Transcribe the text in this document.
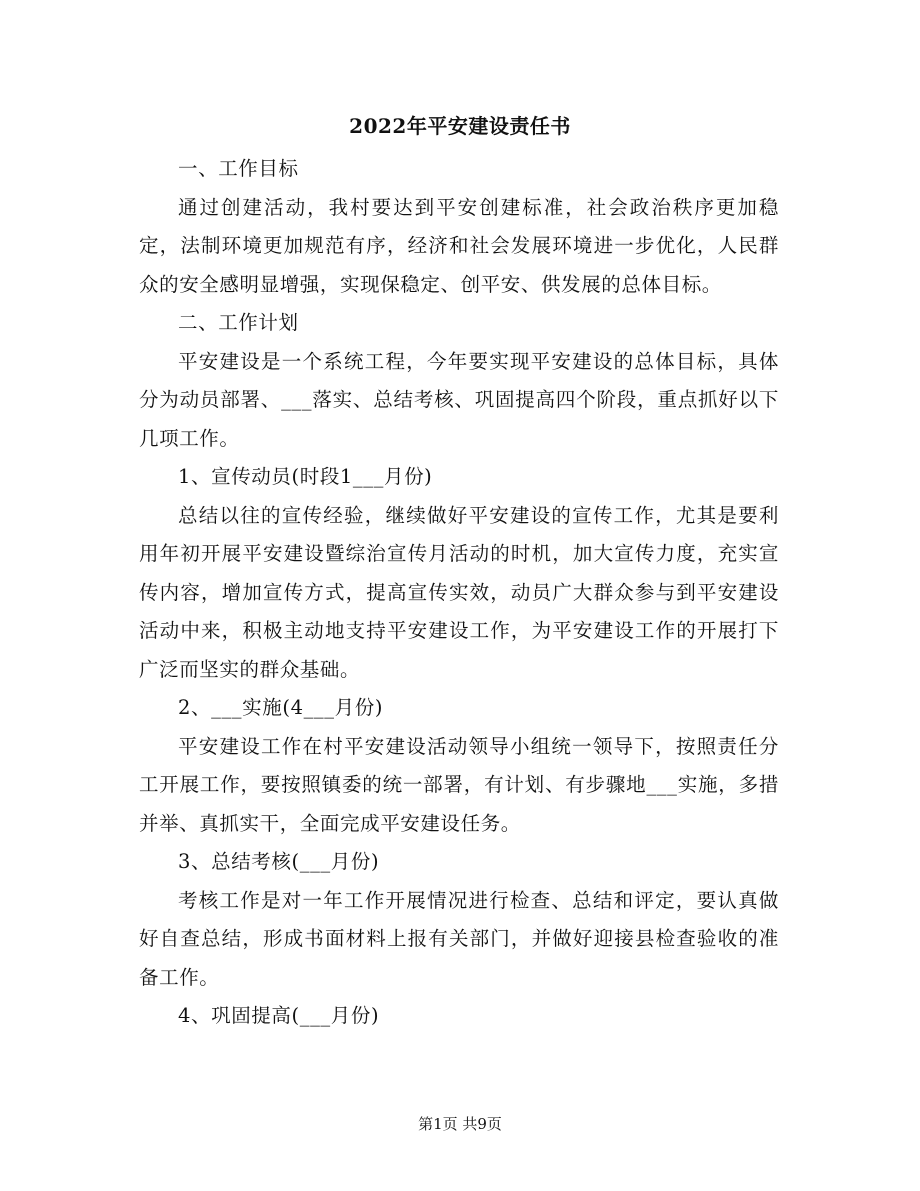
2022年平安建设责任书

一、工作目标

通过创建活动，我村要达到平安创建标准，社会政治秩序更加稳定，法制环境更加规范有序，经济和社会发展环境进一步优化，人民群众的安全感明显增强，实现保稳定、创平安、供发展的总体目标。

二、工作计划

平安建设是一个系统工程，今年要实现平安建设的总体目标，具体分为动员部署、___落实、总结考核、巩固提高四个阶段，重点抓好以下几项工作。

1、宣传动员(时段1___月份)

总结以往的宣传经验，继续做好平安建设的宣传工作，尤其是要利用年初开展平安建设暨综治宣传月活动的时机，加大宣传力度，充实宣传内容，增加宣传方式，提高宣传实效，动员广大群众参与到平安建设活动中来，积极主动地支持平安建设工作，为平安建设工作的开展打下广泛而坚实的群众基础。

2、___实施(4___月份)

平安建设工作在村平安建设活动领导小组统一领导下，按照责任分工开展工作，要按照镇委的统一部署，有计划、有步骤地___实施，多措并举、真抓实干，全面完成平安建设任务。

3、总结考核(___月份)

考核工作是对一年工作开展情况进行检查、总结和评定，要认真做好自查总结，形成书面材料上报有关部门，并做好迎接县检查验收的准备工作。

4、巩固提高(___月份)

第1页 共9页
